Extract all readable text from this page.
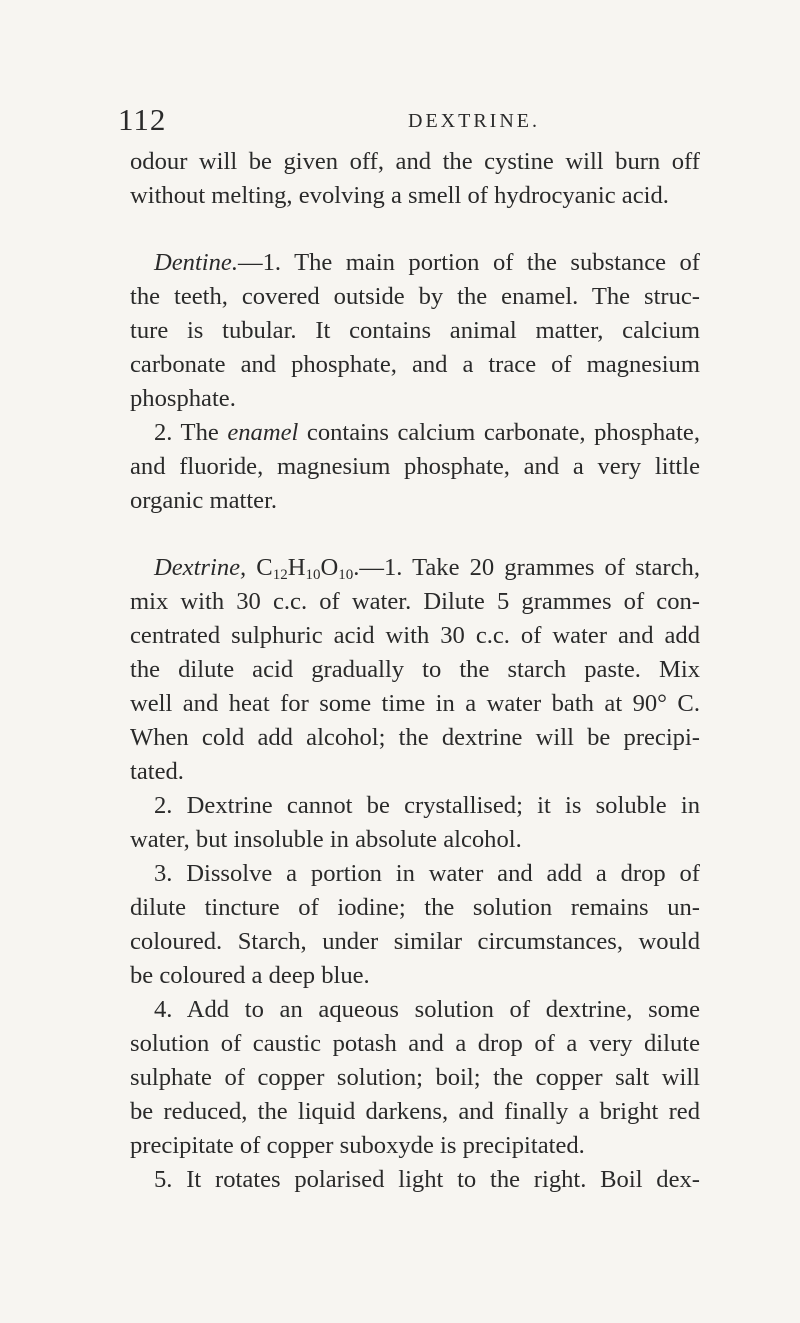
112	DEXTRINE.
odour will be given off, and the cystine will burn off
without melting, evolving a smell of hydrocyanic acid.
Dentine.—1. The main portion of the substance of
the teeth, covered outside by the enamel. The struc-
ture is tubular. It contains animal matter, calcium
carbonate and phosphate, and a trace of magnesium
phosphate.
2. The enamel contains calcium carbonate, phosphate,
and fluoride, magnesium phosphate, and a very little
organic matter.
Dextrine, $C_{12}H_{10}O_{10}.—1$. Take 20 grammes of starch,
mix with 30 c.c. of water. Dilute 5 grammes of con-
centrated sulphuric acid with 30 c.c. of water and add
the dilute acid gradually to the starch paste. Mix
well and heat for some time in a water bath at 90° C.
When cold add alcohol; the dextrine will be precipi-
tated.
2. Dextrine cannot be crystallised; it is soluble in
water, but insoluble in absolute alcohol.
3. Dissolve a portion in water and add a drop of
dilute tincture of iodine; the solution remains un-
coloured. Starch, under similar circumstances, would
be coloured a deep blue.
4. Add to an aqueous solution of dextrine, some
solution of caustic potash and a drop of a very dilute
sulphate of copper solution; boil; the copper salt will
be reduced, the liquid darkens, and finally a bright red
precipitate of copper suboxyde is precipitated.
5. It rotates polarised light to the right. Boil dex-
